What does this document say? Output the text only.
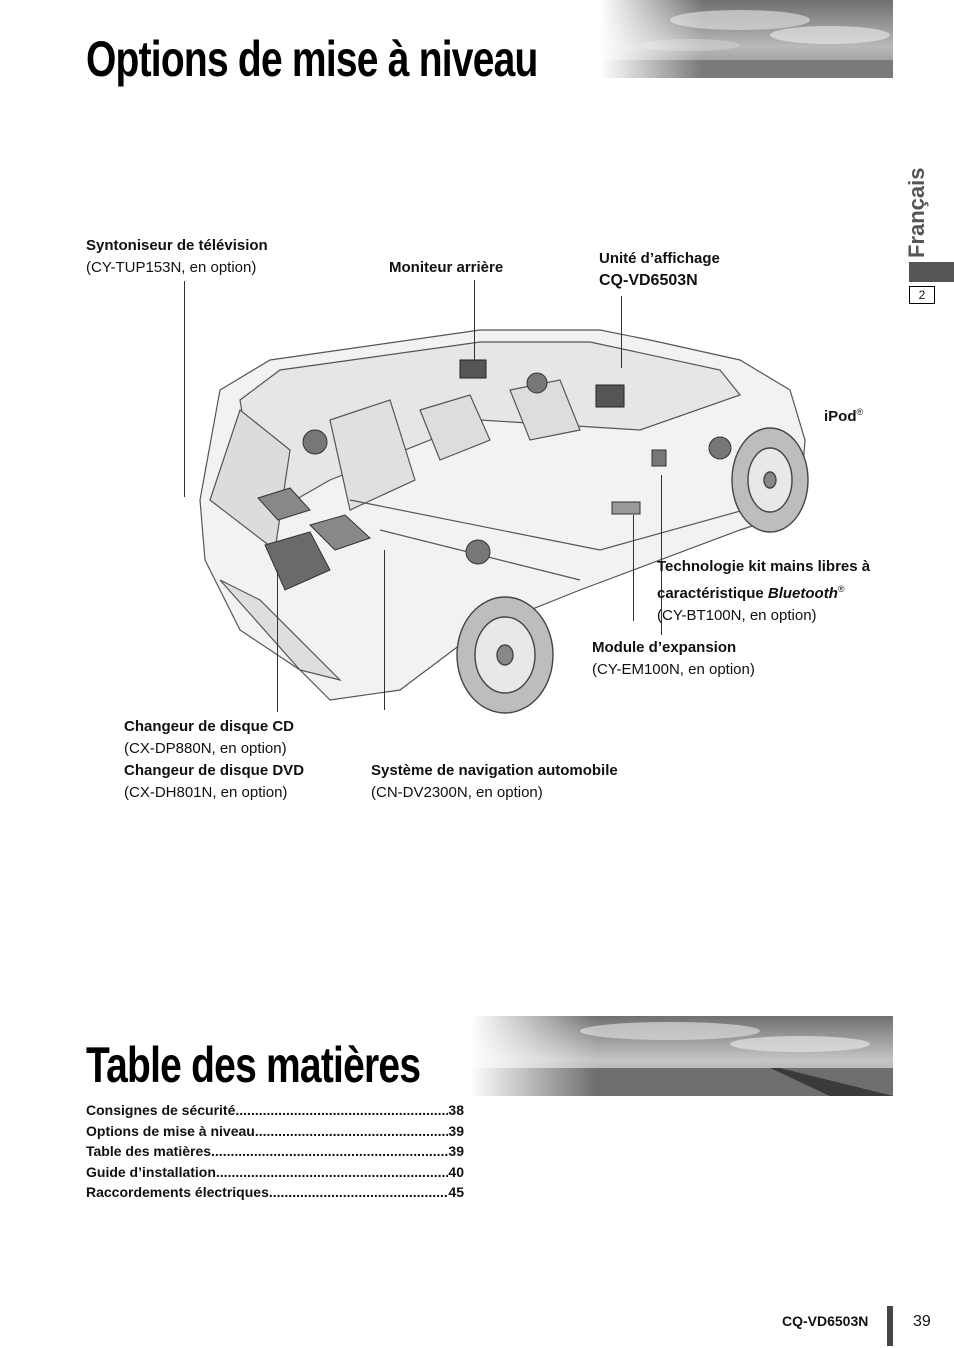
Options de mise à niveau
Français
2
Syntoniseur de télévision
(CY-TUP153N, en option)	Moniteur arrière
Unité d’affichage
CQ-VD6503N
iPod®
Technologie kit mains libres à
caractéristique Bluetooth®
(CY-BT100N, en option)
Module d’expansion
(CY-EM100N, en option)
Changeur de disque CD
(CX-DP880N, en option)
Changeur de disque DVD
(CX-DH801N, en option)
Système de navigation automobile
(CN-DV2300N, en option)
Table des matières
Consignes de sécurité .....	38
Options de mise à niveau .....	39
Table des matières .....	39
Guide d’installation .....	40
Raccordements électriques .....	45
CQ-VD6503N	39
